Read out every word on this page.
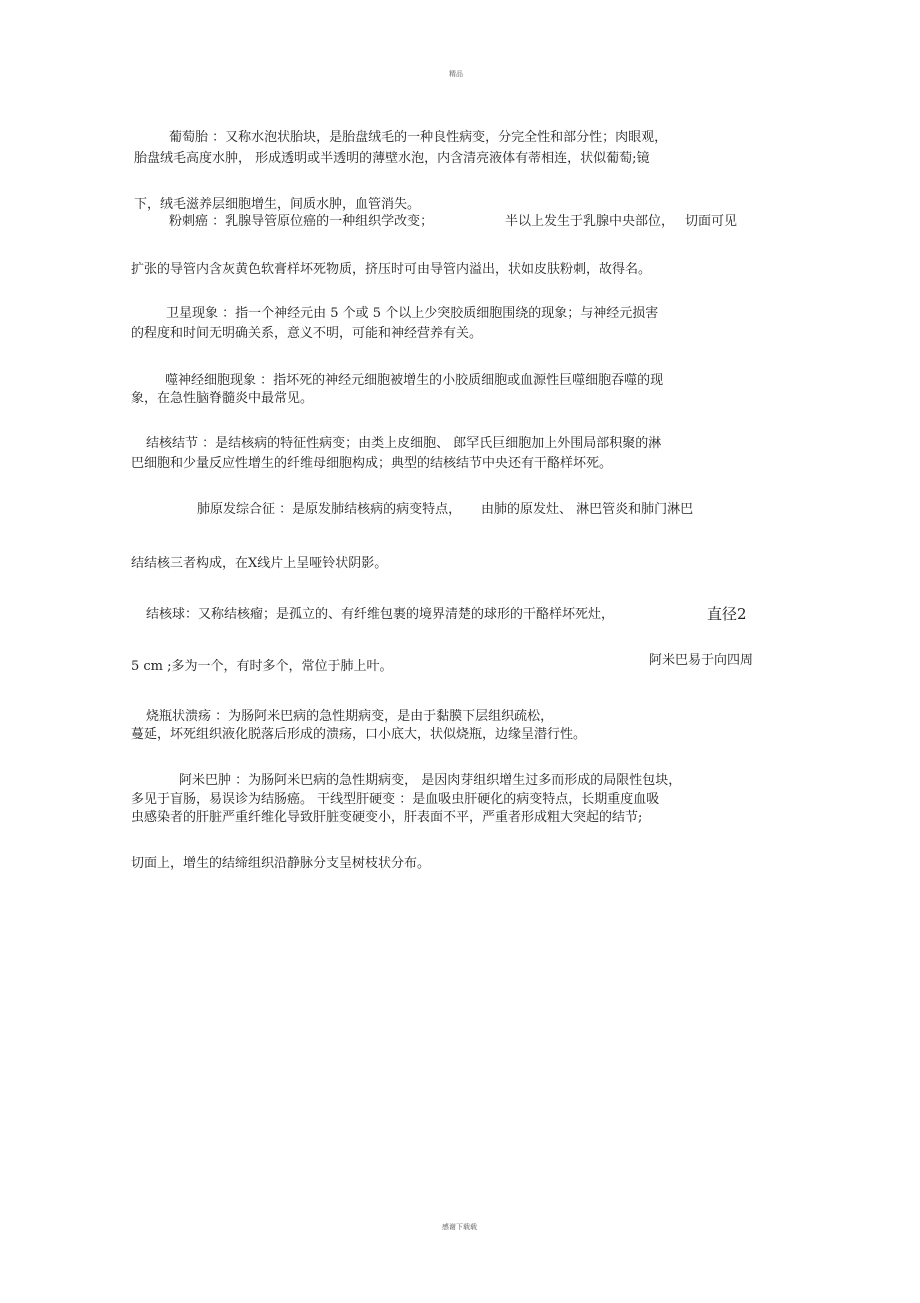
精品
葡萄胎 ：又称水泡状胎块，是胎盘绒毛的一种良性病变，分完全性和部分性；肉眼观，
胎盘绒毛高度水肿， 形成透明或半透明的薄壁水泡，内含清亮液体有蒂相连，状似葡萄;镜
下，绒毛滋养层细胞增生，间质水肿，血管消失。
粉刺癌 ：乳腺导管原位癌的一种组织学改变；	半以上发生于乳腺中央部位， 切面可见
扩张的导管内含灰黄色软膏样坏死物质，挤压时可由导管内溢出，状如皮肤粉刺，故得名。
卫星现象 ：指一个神经元由 5 个或 5 个以上少突胶质细胞围绕的现象；与神经元损害
的程度和时间无明确关系，意义不明，可能和神经营养有关。
噬神经细胞现象 ：指坏死的神经元细胞被增生的小胶质细胞或血源性巨噬细胞吞噬的现
象，在急性脑脊髓炎中最常见。
结核结节 ：是结核病的特征性病变；由类上皮细胞、 郎罕氏巨细胞加上外围局部积聚的淋
巴细胞和少量反应性增生的纤维母细胞构成；典型的结核结节中央还有干酪样坏死。
肺原发综合征 ：是原发肺结核病的病变特点， 由肺的原发灶、 淋巴管炎和肺门淋巴
结结核三者构成，在X线片上呈哑铃状阴影。
结核球：又称结核瘤；是孤立的、有纤维包裹的境界清楚的球形的干酪样坏死灶，	直径2
5 cm ;多为一个，有时多个，常位于肺上叶。	阿米巴易于向四周
烧瓶状溃疡 ：为肠阿米巴病的急性期病变，是由于黏膜下层组织疏松，
蔓延，坏死组织液化脱落后形成的溃疡，口小底大，状似烧瓶，边缘呈潜行性。
阿米巴肿 ：为肠阿米巴病的急性期病变， 是因肉芽组织增生过多而形成的局限性包块，
多见于盲肠，易误诊为结肠癌。 干线型肝硬变 ：是血吸虫肝硬化的病变特点，长期重度血吸
虫感染者的肝脏严重纤维化导致肝脏变硬变小，肝表面不平，严重者形成粗大突起的结节;
切面上，增生的结缔组织沿静脉分支呈树枝状分布。
感谢下载载
